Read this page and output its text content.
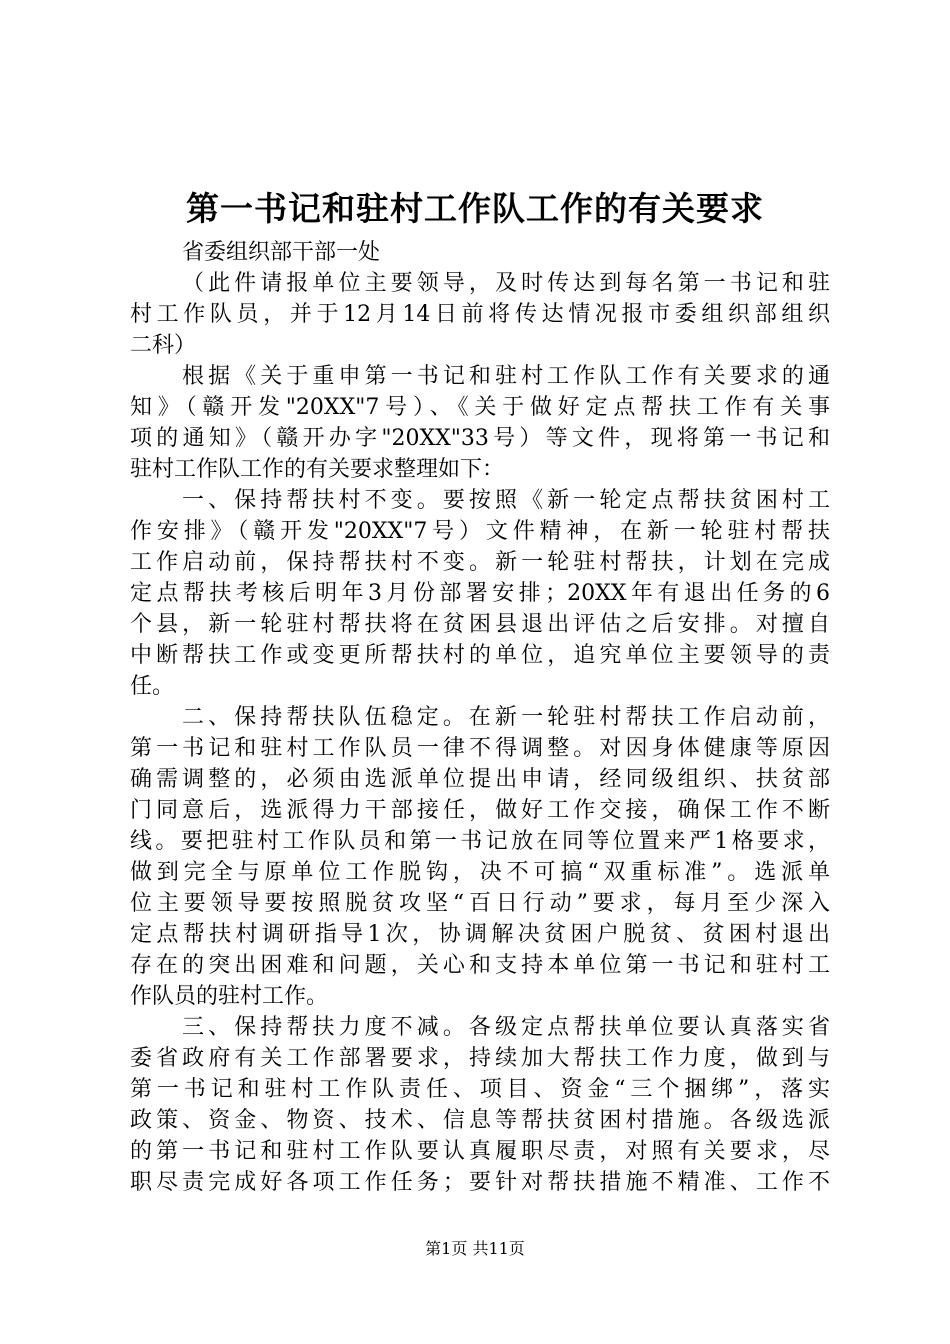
第一书记和驻村工作队工作的有关要求
省委组织部干部一处
（此件请报单位主要领导，及时传达到每名第一书记和驻
村工作队员，并于12月14日前将传达情况报市委组织部组织
二科）
根据《关于重申第一书记和驻村工作队工作有关要求的通
知》（赣开发"20XX"7号）、《关于做好定点帮扶工作有关事
项的通知》（赣开办字"20XX"33号）等文件，现将第一书记和
驻村工作队工作的有关要求整理如下：
一、保持帮扶村不变。要按照《新一轮定点帮扶贫困村工
作安排》（赣开发"20XX"7号）文件精神，在新一轮驻村帮扶
工作启动前，保持帮扶村不变。新一轮驻村帮扶，计划在完成
定点帮扶考核后明年3月份部署安排；20XX年有退出任务的6
个县，新一轮驻村帮扶将在贫困县退出评估之后安排。对擅自
中断帮扶工作或变更所帮扶村的单位，追究单位主要领导的责
任。
二、保持帮扶队伍稳定。在新一轮驻村帮扶工作启动前，
第一书记和驻村工作队员一律不得调整。对因身体健康等原因
确需调整的，必须由选派单位提出申请，经同级组织、扶贫部
门同意后，选派得力干部接任，做好工作交接，确保工作不断
线。要把驻村工作队员和第一书记放在同等位置来严1格要求，
做到完全与原单位工作脱钩，决不可搞“双重标准”。选派单
位主要领导要按照脱贫攻坚“百日行动”要求，每月至少深入
定点帮扶村调研指导1次，协调解决贫困户脱贫、贫困村退出
存在的突出困难和问题，关心和支持本单位第一书记和驻村工
作队员的驻村工作。
三、保持帮扶力度不减。各级定点帮扶单位要认真落实省
委省政府有关工作部署要求，持续加大帮扶工作力度，做到与
第一书记和驻村工作队责任、项目、资金“三个捆绑”，落实
政策、资金、物资、技术、信息等帮扶贫困村措施。各级选派
的第一书记和驻村工作队要认真履职尽责，对照有关要求，尽
职尽责完成好各项工作任务；要针对帮扶措施不精准、工作不
第1页 共11页
